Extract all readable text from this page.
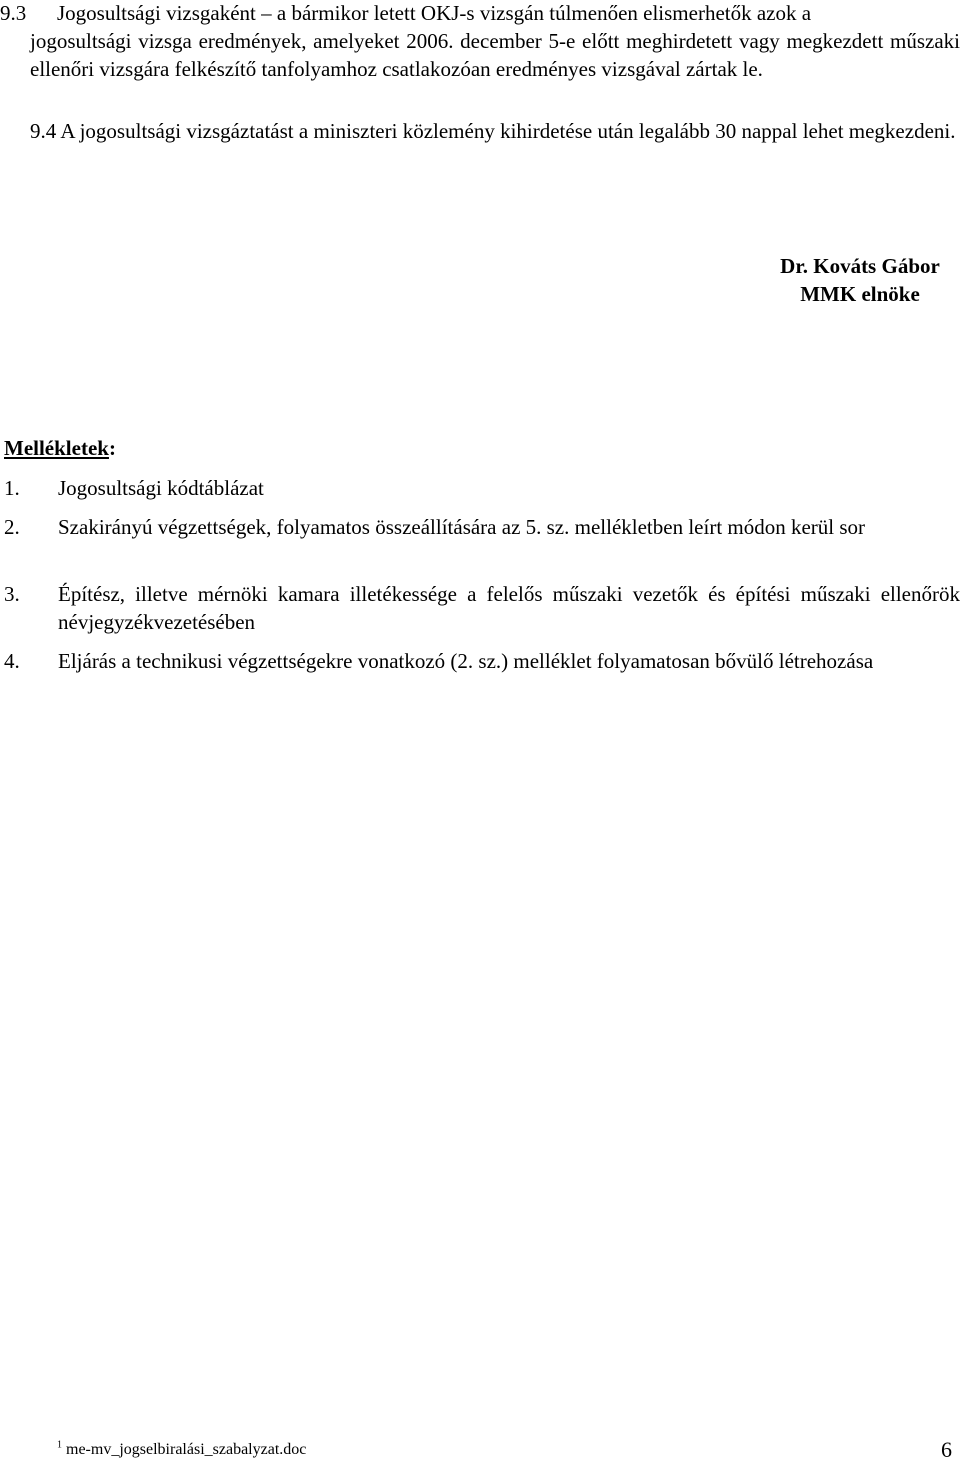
9.3 Jogosultsági vizsgaként – a bármikor letett OKJ-s vizsgán túlmenően elismerhetők azok a
jogosultsági vizsga eredmények, amelyeket 2006. december 5-e előtt meghirdetett vagy megkezdett műszaki ellenőri vizsgára felkészítő tanfolyamhoz csatlakozóan eredményes vizsgával zártak le.
9.4 A jogosultsági vizsgáztatást a miniszteri közlemény kihirdetése után legalább 30 nappal lehet megkezdeni.
Dr. Kováts Gábor
MMK elnöke
Mellékletek:
1. Jogosultsági kódtáblázat
2. Szakirányú végzettségek, folyamatos összeállítására az 5. sz. mellékletben leírt módon kerül sor
3. Építész, illetve mérnöki kamara illetékessége a felelős műszaki vezetők és építési műszaki ellenőrök névjegyzékvezetésében
4. Eljárás a technikusi végzettségekre vonatkozó (2. sz.) melléklet folyamatosan bővülő létrehozása
$^1$ me-mv_jogselbiralási_szabalyzat.doc	6
